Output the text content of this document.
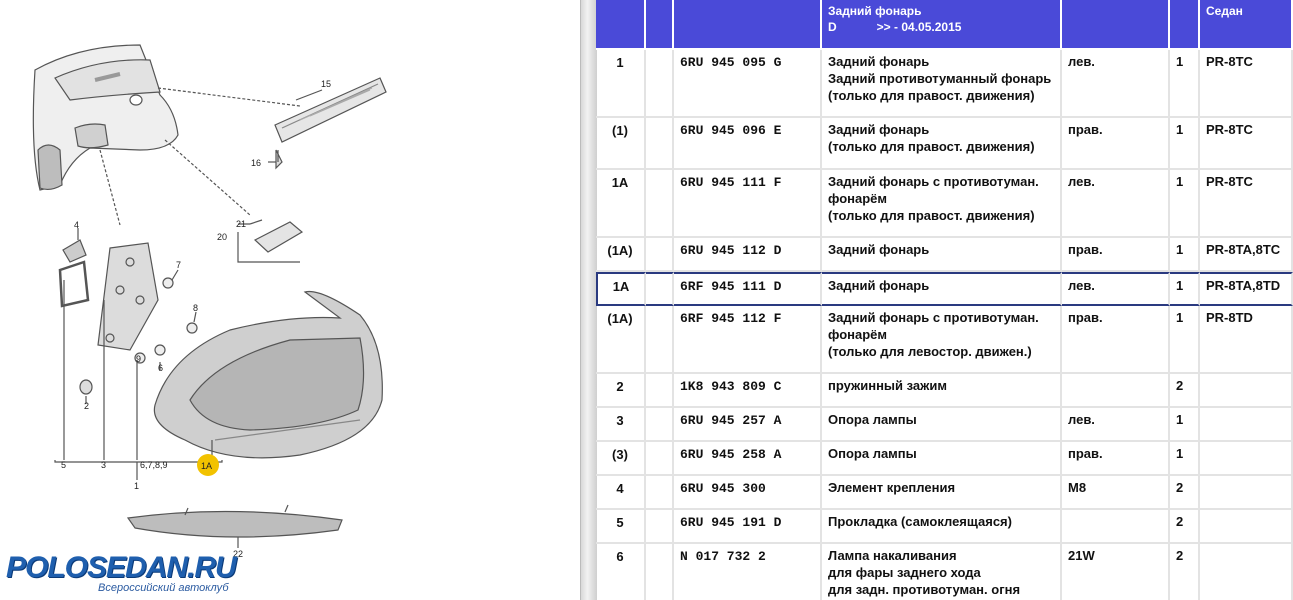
15
16
21
20
4
7
8
6
9
2
5	3	6,7,8,9	1A
1
22
POLOSEDAN.RU
Всероссийский автоклуб

			Задний фонарь
D >> - 04.05.2015			Седан
1		6RU 945 095 G	Задний фонарь
Задний противотуманный фонарь
(только для правост. движения)	лев.	1	PR-8TC
(1)		6RU 945 096 E	Задний фонарь
(только для правост. движения)	прав.	1	PR-8TC
1A		6RU 945 111 F	Задний фонарь с противотуман.
фонарём
(только для правост. движения)	лев.	1	PR-8TC
(1A)		6RU 945 112 D	Задний фонарь	прав.	1	PR-8TA,8TC
1A		6RF 945 111 D	Задний фонарь	лев.	1	PR-8TA,8TD
(1A)		6RF 945 112 F	Задний фонарь с противотуман.
фонарём
(только для левостор. движен.)	прав.	1	PR-8TD
2		1K8 943 809 C	пружинный зажим		2	
3		6RU 945 257 A	Опора лампы	лев.	1	
(3)		6RU 945 258 A	Опора лампы	прав.	1	
4		6RU 945 300	Элемент крепления	M8	2	
5		6RU 945 191 D	Прокладка (самоклеящаяся)		2	
6		N 017 732 2	Лампа накаливания
для фары заднего хода
для задн. противотуман. огня	21W	2	
